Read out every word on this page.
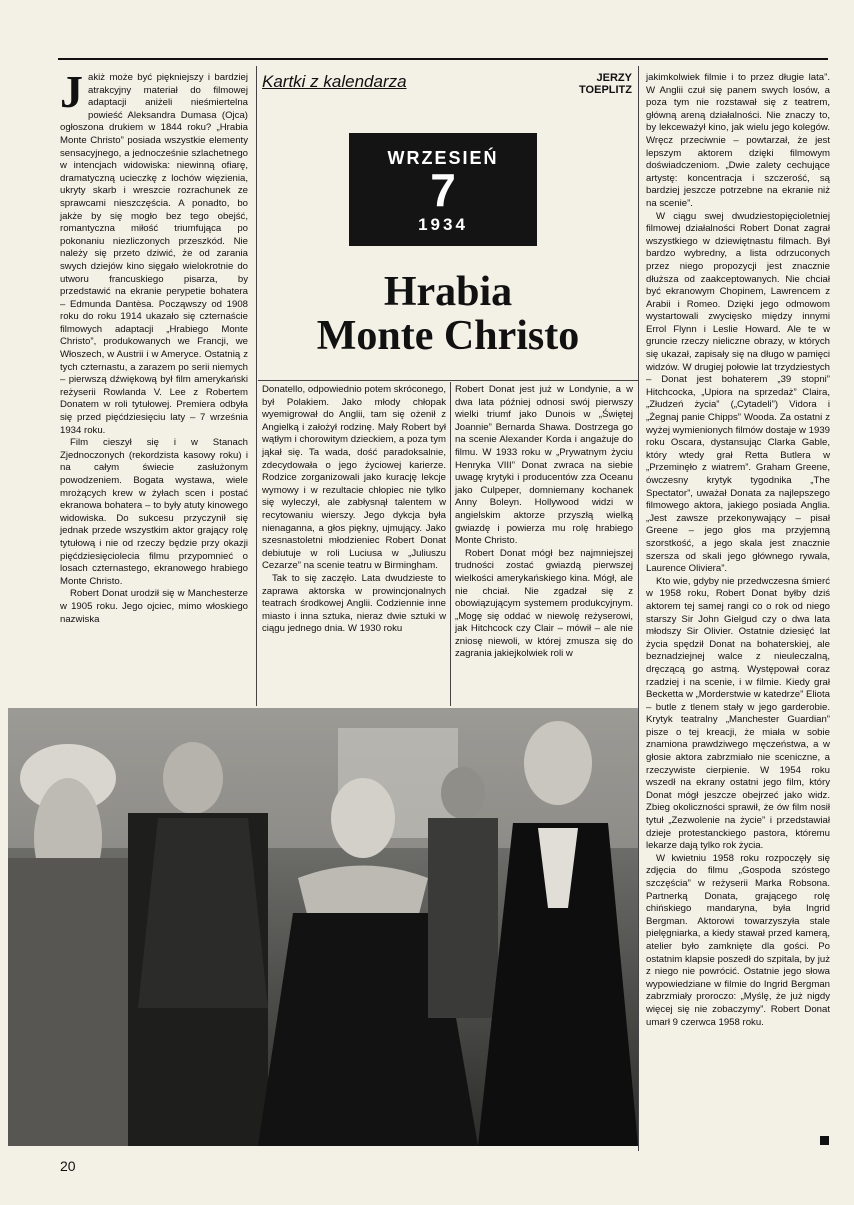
Jakiż może być piękniejszy i bardziej atrakcyjny materiał do filmowej adaptacji aniżeli nieśmiertelna powieść Aleksandra Dumasa (Ojca) ogłoszona drukiem w 1844 roku? „Hrabia Monte Christo” posiada wszystkie elementy sensacyjnego, a jednocześnie szlachetnego w intencjach widowiska: niewinną ofiarę, dramatyczną ucieczkę z lochów więzienia, ukryty skarb i wreszcie rozrachunek ze sprawcami nieszczęścia. A ponadto, bo jakże by się mogło bez tego obejść, romantyczna miłość triumfująca po pokonaniu niezliczonych przeszkód. Nie należy się przeto dziwić, że od zarania swych dziejów kino sięgało wielokrotnie do utworu francuskiego pisarza, by przedstawić na ekranie perypetie bohatera – Edmunda Dantèsa. Począwszy od 1908 roku do roku 1914 ukazało się czternaście filmowych adaptacji „Hrabiego Monte Christo”, produkowanych we Francji, we Włoszech, w Austrii i w Ameryce. Ostatnią z tych czternastu, a zarazem po serii niemych – pierwszą dźwiękową był film amerykański reżyserii Rowlanda V. Lee z Robertem Donatem w roli tytułowej. Premiera odbyła się przed pięćdziesięciu laty – 7 września 1934 roku.

Film cieszył się i w Stanach Zjednoczonych (rekordzista kasowy roku) i na całym świecie zasłużonym powodzeniem. Bogata wystawa, wiele mrożących krew w żyłach scen i postać ekranowa bohatera – to były atuty kinowego widowiska. Do sukcesu przyczynił się jednak przede wszystkim aktor grający rolę tytułową i nie od rzeczy będzie przy okazji pięćdziesięciolecia filmu przypomnieć o losach czternastego, ekranowego hrabiego Monte Christo.

Robert Donat urodził się w Manchesterze w 1905 roku. Jego ojciec, mimo włoskiego nazwiska

Kartki z kalendarza	JERZY
TOEPLITZ
WRZESIEŃ
7
1934
Hrabia
Monte Christo

Donatello, odpowiednio potem skróconego, był Polakiem. Jako młody chłopak wyemigrował do Anglii, tam się ożenił z Angielką i założył rodzinę. Mały Robert był wątłym i chorowitym dzieckiem, a poza tym jąkał się. Ta wada, dość paradoksalnie, zdecydowała o jego życiowej karierze. Rodzice zorganizowali jako kurację lekcje wymowy i w rezultacie chłopiec nie tylko się wyleczył, ale zabłysnął talentem w recytowaniu wierszy. Jego dykcja była nienaganna, a głos piękny, ujmujący. Jako szesnastoletni młodzieniec Robert Donat debiutuje w roli Luciusa w „Juliuszu Cezarze” na scenie teatru w Birmingham.

Tak to się zaczęło. Lata dwudzieste to zaprawa aktorska w prowincjonalnych teatrach środkowej Anglii. Codziennie inne miasto i inna sztuka, nieraz dwie sztuki w ciągu jednego dnia. W 1930 roku

Robert Donat jest już w Londynie, a w dwa lata później odnosi swój pierwszy wielki triumf jako Dunois w „Świętej Joannie” Bernarda Shawa. Dostrzega go na scenie Alexander Korda i angażuje do filmu. W 1933 roku w „Prywatnym życiu Henryka VIII” Donat zwraca na siebie uwagę krytyki i producentów zza Oceanu jako Culpeper, domniemany kochanek Anny Boleyn. Hollywood widzi w angielskim aktorze przyszłą wielką gwiazdę i powierza mu rolę hrabiego Monte Christo.

Robert Donat mógł bez najmniejszej trudności zostać gwiazdą pierwszej wielkości amerykańskiego kina. Mógł, ale nie chciał. Nie zgadzał się z obowiązującym systemem produkcyjnym. „Mogę się oddać w niewolę reżyserowi, jak Hitchcock czy Clair – mówił – ale nie zniosę niewoli, w której zmusza się do zagrania jakiejkolwiek roli w

jakimkolwiek filmie i to przez długie lata”. W Anglii czuł się panem swych losów, a poza tym nie rozstawał się z teatrem, główną areną działalności. Nie znaczy to, by lekceważył kino, jak wielu jego kolegów. Wręcz przeciwnie – powtarzał, że jest lepszym aktorem dzięki filmowym doświadczeniom. „Dwie zalety cechujące artystę: koncentracja i szczerość, są bardziej jeszcze potrzebne na ekranie niż na scenie”.

W ciągu swej dwudziestopięcioletniej filmowej działalności Robert Donat zagrał wszystkiego w dziewiętnastu filmach. Był bardzo wybredny, a lista odrzuconych przez niego propozycji jest znacznie dłuższa od zaakceptowanych. Nie chciał być ekranowym Chopinem, Lawrencem z Arabii i Romeo. Dzięki jego odmowom wystartowali zwycięsko między innymi Errol Flynn i Leslie Howard. Ale te w gruncie rzeczy nieliczne obrazy, w których się ukazał, zapisały się na długo w pamięci widzów. W drugiej połowie lat trzydziestych – Donat jest bohaterem „39 stopni” Hitchcocka, „Upiora na sprzedaż” Claira, „Złudzeń życia” („Cytadeli”) Vidora i „Żegnaj panie Chipps” Wooda. Za ostatni z wyżej wymienionych filmów dostaje w 1939 roku Oscara, dystansując Clarka Gable, który wtedy grał Retta Butlera w „Przeminęło z wiatrem”. Graham Greene, ówczesny krytyk tygodnika „The Spectator”, uważał Donata za najlepszego filmowego aktora, jakiego posiada Anglia. „Jest zawsze przekonywający – pisał Greene – jego głos ma przyjemną szorstkość, a jego skala jest znacznie szersza od skali jego głównego rywala, Laurence Oliviera”.

Kto wie, gdyby nie przedwczesna śmierć w 1958 roku, Robert Donat byłby dziś aktorem tej samej rangi co o rok od niego starszy Sir John Gielgud czy o dwa lata młodszy Sir Olivier. Ostatnie dziesięć lat życia spędził Donat na bohaterskiej, ale beznadziejnej walce z nieuleczalną, dręczącą go astmą. Występował coraz rzadziej i na scenie, i w filmie. Kiedy grał Becketta w „Morderstwie w katedrze” Eliota – butle z tlenem stały w jego garderobie. Krytyk teatralny „Manchester Guardian” pisze o tej kreacji, że miała w sobie znamiona prawdziwego męczeństwa, a w głosie aktora zabrzmiało nie sceniczne, a rzeczywiste cierpienie. W 1954 roku wszedł na ekrany ostatni jego film, który Donat mógł jeszcze obejrzeć jako widz. Zbieg okoliczności sprawił, że ów film nosił tytuł „Zezwolenie na życie” i przedstawiał dzieje protestanckiego pastora, któremu lekarze dają tylko rok życia.

W kwietniu 1958 roku rozpoczęły się zdjęcia do filmu „Gospoda szóstego szczęścia” w reżyserii Marka Robsona. Partnerką Donata, grającego rolę chińskiego mandaryna, była Ingrid Bergman. Aktorowi towarzyszyła stale pielęgniarka, a kiedy stawał przed kamerą, atelier było zamknięte dla gości. Po ostatnim klapsie poszedł do szpitala, by już z niego nie powrócić. Ostatnie jego słowa wypowiedziane w filmie do Ingrid Bergman zabrzmiały proroczo: „Myślę, że już nigdy więcej się nie zobaczymy”. Robert Donat umarł 9 czerwca 1958 roku.

20
